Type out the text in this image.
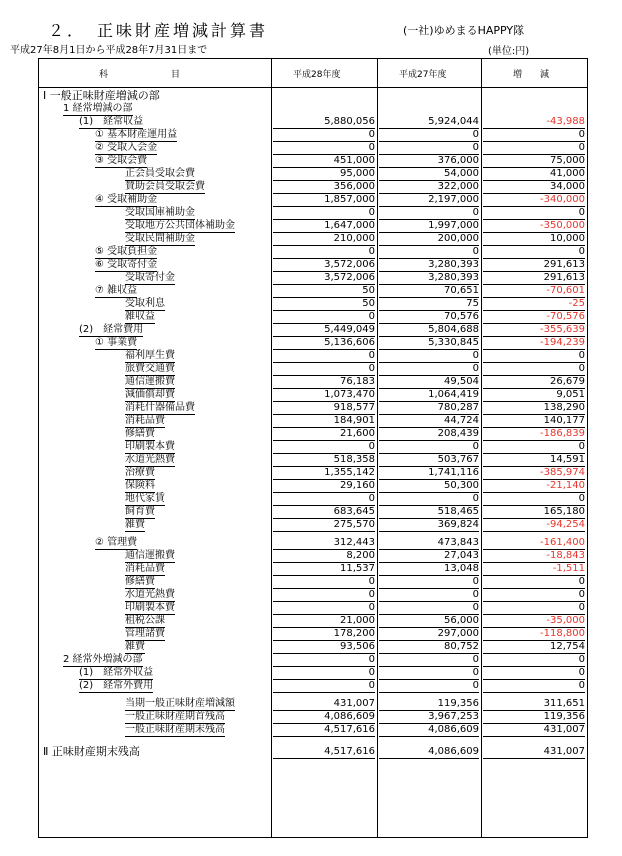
２．　正味財産増減計算書	(一社)ゆめまるHAPPY隊
平成27年8月1日から平成28年7月31日まで	(単位:円)
科　　　　　　　目	平成28年度	平成27年度	増　　減
Ⅰ 一般正味財産増減の部
1 経常増減の部
(1)　経常収益	5,880,056	5,924,044	-43,988
① 基本財産運用益	0	0	0
② 受取入会金	0	0	0
③ 受取会費	451,000	376,000	75,000
正会員受取会費	95,000	54,000	41,000
賛助会員受取会費	356,000	322,000	34,000
④ 受取補助金	1,857,000	2,197,000	-340,000
受取国庫補助金	0	0	0
受取地方公共団体補助金	1,647,000	1,997,000	-350,000
受取民間補助金	210,000	200,000	10,000
⑤ 受取負担金	0	0	0
⑥ 受取寄付金	3,572,006	3,280,393	291,613
受取寄付金	3,572,006	3,280,393	291,613
⑦ 雑収益	50	70,651	-70,601
受取利息	50	75	-25
雑収益	0	70,576	-70,576
(2)　経常費用	5,449,049	5,804,688	-355,639
① 事業費	5,136,606	5,330,845	-194,239
福利厚生費	0	0	0
旅費交通費	0	0	0
通信運搬費	76,183	49,504	26,679
減価償却費	1,073,470	1,064,419	9,051
消耗什器備品費	918,577	780,287	138,290
消耗品費	184,901	44,724	140,177
修繕費	21,600	208,439	-186,839
印刷製本費	0	0	0
水道光熱費	518,358	503,767	14,591
治療費	1,355,142	1,741,116	-385,974
保険料	29,160	50,300	-21,140
地代家賃	0	0	0
飼育費	683,645	518,465	165,180
雑費	275,570	369,824	-94,254
② 管理費	312,443	473,843	-161,400
通信運搬費	8,200	27,043	-18,843
消耗品費	11,537	13,048	-1,511
修繕費	0	0	0
水道光熱費	0	0	0
印刷製本費	0	0	0
租税公課	21,000	56,000	-35,000
管理諸費	178,200	297,000	-118,800
雑費	93,506	80,752	12,754
2 経常外増減の部	0	0	0
(1)　経常外収益	0	0	0
(2)　経常外費用	0	0	0
当期一般正味財産増減額	431,007	119,356	311,651
一般正味財産期首残高	4,086,609	3,967,253	119,356
一般正味財産期末残高	4,517,616	4,086,609	431,007
Ⅱ 正味財産期末残高	4,517,616	4,086,609	431,007
